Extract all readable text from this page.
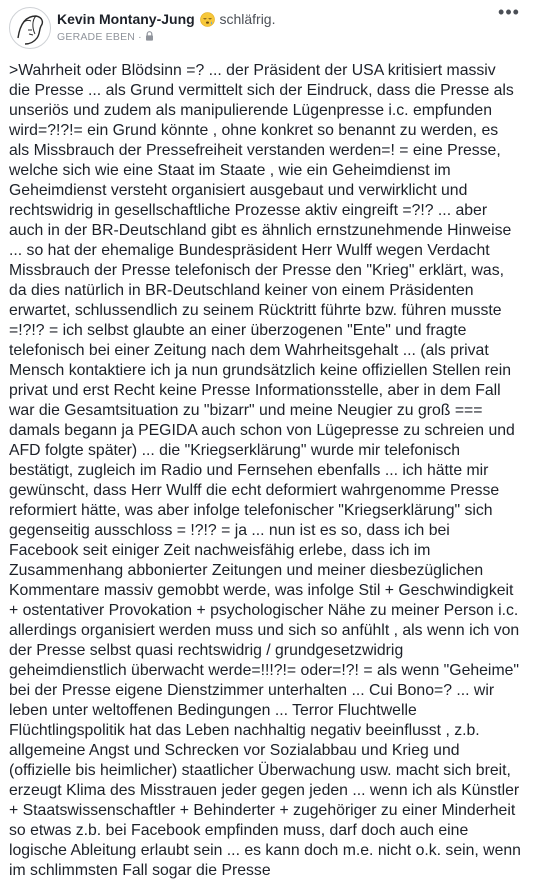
Kevin Montany-Jung schläfrig.
GERADE EBEN ·
•••
>Wahrheit oder Blödsinn =? ... der Präsident der USA kritisiert massiv die Presse ... als Grund vermittelt sich der Eindruck, dass die Presse als unseriös und zudem als manipulierende Lügenpresse i.c. empfunden wird=?!?!= ein Grund könnte , ohne konkret so benannt zu werden, es als Missbrauch der Pressefreiheit verstanden werden=! = eine Presse, welche sich wie eine Staat im Staate , wie ein Geheimdienst im Geheimdienst versteht organisiert ausgebaut und verwirklicht und rechtswidrig in gesellschaftliche Prozesse aktiv eingreift =?!? ... aber auch in der BR-Deutschland gibt es ähnlich ernstzunehmende Hinweise ... so hat der ehemalige Bundespräsident Herr Wulff wegen Verdacht Missbrauch der Presse telefonisch der Presse den "Krieg" erklärt, was, da dies natürlich in BR-Deutschland keiner von einem Präsidenten erwartet, schlussendlich zu seinem Rücktritt führte bzw. führen musste =!?!? = ich selbst glaubte an einer überzogenen "Ente" und fragte telefonisch bei einer Zeitung nach dem Wahrheitsgehalt ... (als privat Mensch kontaktiere ich ja nun grundsätzlich keine offiziellen Stellen rein privat und erst Recht keine Presse Informationsstelle, aber in dem Fall war die Gesamtsituation zu "bizarr" und meine Neugier zu groß === damals begann ja PEGIDA auch schon von Lügepresse zu schreien und AFD folgte später) ... die "Kriegserklärung" wurde mir telefonisch bestätigt, zugleich im Radio und Fernsehen ebenfalls ... ich hätte mir gewünscht, dass Herr Wulff die echt deformiert wahrgenomme Presse reformiert hätte, was aber infolge telefonischer "Kriegserklärung" sich gegenseitig ausschloss = !?!? = ja ... nun ist es so, dass ich bei Facebook seit einiger Zeit nachweisfähig erlebe, dass ich im Zusammenhang abbonierter Zeitungen und meiner diesbezüglichen Kommentare massiv gemobbt werde, was infolge Stil + Geschwindigkeit + ostentativer Provokation + psychologischer Nähe zu meiner Person i.c. allerdings organisiert werden muss und sich so anfühlt , als wenn ich von der Presse selbst quasi rechtswidrig / grundgesetzwidrig geheimdienstlich überwacht werde=!!!?!= oder=!?! = als wenn "Geheime" bei der Presse eigene Dienstzimmer unterhalten ... Cui Bono=? ... wir leben unter weltoffenen Bedingungen ... Terror Fluchtwelle Flüchtlingspolitik hat das Leben nachhaltig negativ beeinflusst , z.b. allgemeine Angst und Schrecken vor Sozialabbau und Krieg und (offizielle bis heimlicher) staatlicher Überwachung usw. macht sich breit, erzeugt Klima des Misstrauen jeder gegen jeden ... wenn ich als Künstler + Staatswissenschaftler + Behinderter + zugehöriger zu einer Minderheit so etwas z.b. bei Facebook empfinden muss, darf doch auch eine logische Ableitung erlaubt sein ... es kann doch m.e. nicht o.k. sein, wenn im schlimmsten Fall sogar die Presse
